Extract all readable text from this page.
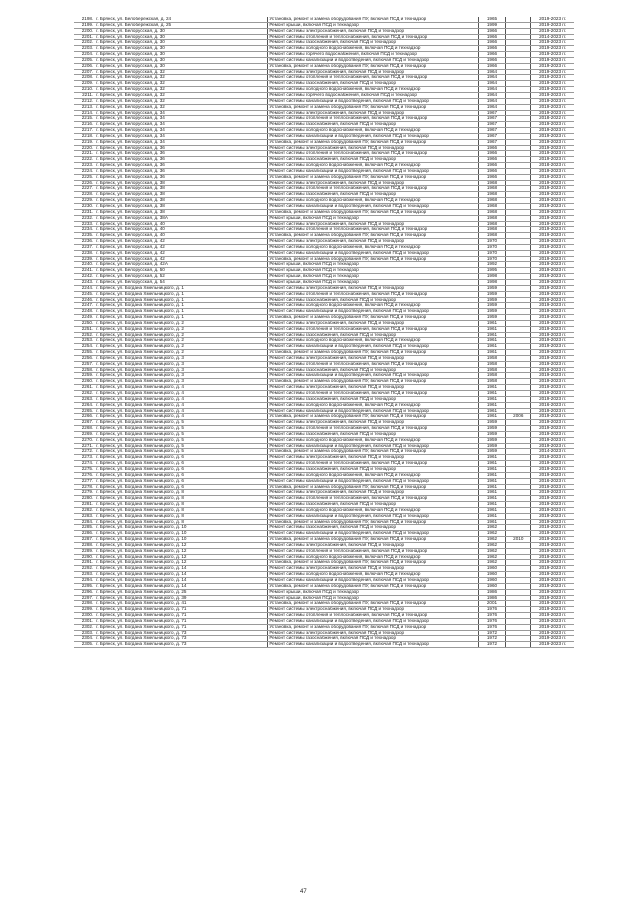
2198.	г. Брянск, ул. Белобережская, д. 24	Установка, ремонт и замена оборудования ПУ, включая ПСД и технадзор	1965		2019-2023 гг.
2199.	г. Брянск, ул. Белобережская, д. 25	Ремонт крыши, включая ПСД и технадзор	1999		2019-2023 гг.
2200.	г. Брянск, ул. Белорусская, д. 30	Ремонт системы электроснабжения, включая ПСД и технадзор	1966		2019-2023 гг.
2201.	г. Брянск, ул. Белорусская, д. 30	Ремонт системы отопления и теплоснабжения, включая ПСД и технадзор	1966		2014-2023 гг.
2202.	г. Брянск, ул. Белорусская, д. 30	Ремонт системы газоснабжения, включая ПСД и технадзор	1966		2019-2023 гг.
2203.	г. Брянск, ул. Белорусская, д. 30	Ремонт системы холодного водоснабжения, включая ПСД и технадзор	1966		2019-2023 гг.
2204.	г. Брянск, ул. Белорусская, д. 30	Ремонт системы горячего водоснабжения, включая ПСД и технадзор	1966		2019-2023 гг.
2205.	г. Брянск, ул. Белорусская, д. 30	Ремонт системы канализации и водоотведения, включая ПСД и технадзор	1966		2019-2023 гг.
2206.	г. Брянск, ул. Белорусская, д. 30	Установка, ремонт и замена оборудования ПУ, включая ПСД и технадзор	1966		2019-2023 гг.
2207.	г. Брянск, ул. Белорусская, д. 32	Ремонт системы электроснабжения, включая ПСД и технадзор	1964		2019-2023 гг.
2208.	г. Брянск, ул. Белорусская, д. 32	Ремонт системы отопления и теплоснабжения, включая ПСД и технадзор	1964		2019-2023 гг.
2209.	г. Брянск, ул. Белорусская, д. 32	Ремонт системы газоснабжения, включая ПСД и технадзор	1964		2019-2023 гг.
2210.	г. Брянск, ул. Белорусская, д. 32	Ремонт системы холодного водоснабжения, включая ПСД и технадзор	1964		2019-2023 гг.
2211.	г. Брянск, ул. Белорусская, д. 32	Ремонт системы горячего водоснабжения, включая ПСД и технадзор	1964		2019-2023 гг.
2212.	г. Брянск, ул. Белорусская, д. 32	Ремонт системы канализации и водоотведения, включая ПСД и технадзор	1964		2019-2023 гг.
2213.	г. Брянск, ул. Белорусская, д. 32	Установка, ремонт и замена оборудования ПУ, включая ПСД и технадзор	1964		2019-2023 гг.
2214.	г. Брянск, ул. Белорусская, д. 34	Ремонт системы электроснабжения, включая ПСД и технадзор	1967		2019-2023 гг.
2215.	г. Брянск, ул. Белорусская, д. 34	Ремонт системы отопления и теплоснабжения, включая ПСД и технадзор	1967		2018-2022 гг.
2216.	г. Брянск, ул. Белорусская, д. 34	Ремонт системы газоснабжения, включая ПСД и технадзор	1967		2019-2023 гг.
2217.	г. Брянск, ул. Белорусская, д. 34	Ремонт системы холодного водоснабжения, включая ПСД и технадзор	1967		2019-2023 гг.
2218.	г. Брянск, ул. Белорусская, д. 34	Ремонт системы канализации и водоотведения, включая ПСД и технадзор	1967		2019-2023 гг.
2219.	г. Брянск, ул. Белорусская, д. 34	Установка, ремонт и замена оборудования ПУ, включая ПСД и технадзор	1967		2019-2023 гг.
2220.	г. Брянск, ул. Белорусская, д. 36	Ремонт системы электроснабжения, включая ПСД и технадзор	1966		2019-2023 гг.
2221.	г. Брянск, ул. Белорусская, д. 36	Ремонт системы отопления и теплоснабжения, включая ПСД и технадзор	1966		2019-2023 гг.
2222.	г. Брянск, ул. Белорусская, д. 36	Ремонт системы газоснабжения, включая ПСД и технадзор	1966		2019-2023 гг.
2223.	г. Брянск, ул. Белорусская, д. 36	Ремонт системы холодного водоснабжения, включая ПСД и технадзор	1966		2018-2023 гг.
2224.	г. Брянск, ул. Белорусская, д. 36	Ремонт системы канализации и водоотведения, включая ПСД и технадзор	1966		2019-2023 гг.
2225.	г. Брянск, ул. Белорусская, д. 36	Установка, ремонт и замена оборудования ПУ, включая ПСД и технадзор	1966		2019-2023 гг.
2226.	г. Брянск, ул. Белорусская, д. 38	Ремонт системы электроснабжения, включая ПСД и технадзор	1968		2019-2023 гг.
2227.	г. Брянск, ул. Белорусская, д. 38	Ремонт системы отопления и теплоснабжения, включая ПСД и технадзор	1968		2019-2023 гг.
2228.	г. Брянск, ул. Белорусская, д. 38	Ремонт системы газоснабжения, включая ПСД и технадзор	1968		2019-2023 гг.
2229.	г. Брянск, ул. Белорусская, д. 38	Ремонт системы холодного водоснабжения, включая ПСД и технадзор	1968		2019-2023 гг.
2230.	г. Брянск, ул. Белорусская, д. 38	Ремонт системы канализации и водоотведения, включая ПСД и технадзор	1968		2019-2023 гг.
2231.	г. Брянск, ул. Белорусская, д. 38	Установка, ремонт и замена оборудования ПУ, включая ПСД и технадзор	1968		2019-2023 гг.
2232.	г. Брянск, ул. Белорусская, д. 38А	Ремонт крыши, включая ПСД и технадзор	1968		2019-2023 гг.
2233.	г. Брянск, ул. Белорусская, д. 40	Ремонт системы электроснабжения, включая ПСД и технадзор	1968		2019-2023 гг.
2234.	г. Брянск, ул. Белорусская, д. 40	Ремонт системы отопления и теплоснабжения, включая ПСД и технадзор	1968		2019-2023 гг.
2235.	г. Брянск, ул. Белорусская, д. 40	Установка, ремонт и замена оборудования ПУ, включая ПСД и технадзор	1968		2019-2023 гг.
2236.	г. Брянск, ул. Белорусская, д. 42	Ремонт системы электроснабжения, включая ПСД и технадзор	1970		2019-2023 гг.
2237.	г. Брянск, ул. Белорусская, д. 42	Ремонт системы холодного водоснабжения, включая ПСД и технадзор	1970		2019-2023 гг.
2238.	г. Брянск, ул. Белорусская, д. 42	Ремонт системы канализации и водоотведения, включая ПСД и технадзор	1970		2019-2023 гг.
2239.	г. Брянск, ул. Белорусская, д. 42	Установка, ремонт и замена оборудования ПУ, включая ПСД и технадзор	1970		2019-2023 гг.
2240.	г. Брянск, ул. Белорусская, д. 42А	Ремонт крыши, включая ПСД и технадзор	1992		2019-2023 гг.
2241.	г. Брянск, ул. Белорусская, д. 50	Ремонт крыши, включая ПСД и технадзор	1995		2019-2023 гг.
2242.	г. Брянск, ул. Белорусская, д. 52	Ремонт крыши, включая ПСД и технадзор	1998		2019-2023 гг.
2243.	г. Брянск, ул. Белорусская, д. 54	Ремонт крыши, включая ПСД и технадзор	1998		2019-2023 гг.
2244.	г. Брянск, ул. Богдана Хмельницкого, д. 1	Ремонт системы электроснабжения, включая ПСД и технадзор	1959		2019-2023 гг.
2245.	г. Брянск, ул. Богдана Хмельницкого, д. 1	Ремонт системы отопления и теплоснабжения, включая ПСД и технадзор	1959		2019-2023 гг.
2246.	г. Брянск, ул. Богдана Хмельницкого, д. 1	Ремонт системы газоснабжения, включая ПСД и технадзор	1959		2019-2023 гг.
2247.	г. Брянск, ул. Богдана Хмельницкого, д. 1	Ремонт системы холодного водоснабжения, включая ПСД и технадзор	1959		2019-2023 гг.
2248.	г. Брянск, ул. Богдана Хмельницкого, д. 1	Ремонт системы канализации и водоотведения, включая ПСД и технадзор	1959		2019-2023 гг.
2249.	г. Брянск, ул. Богдана Хмельницкого, д. 1	Установка, ремонт и замена оборудования ПУ, включая ПСД и технадзор	1959		2019-2023 гг.
2250.	г. Брянск, ул. Богдана Хмельницкого, д. 2	Ремонт системы электроснабжения, включая ПСД и технадзор	1961		2019-2023 гг.
2251.	г. Брянск, ул. Богдана Хмельницкого, д. 2	Ремонт системы отопления и теплоснабжения, включая ПСД и технадзор	1961		2019-2023 гг.
2252.	г. Брянск, ул. Богдана Хмельницкого, д. 2	Ремонт системы газоснабжения, включая ПСД и технадзор	1961		2019-2023 гг.
2253.	г. Брянск, ул. Богдана Хмельницкого, д. 2	Ремонт системы холодного водоснабжения, включая ПСД и технадзор	1961		2019-2023 гг.
2254.	г. Брянск, ул. Богдана Хмельницкого, д. 2	Ремонт системы канализации и водоотведения, включая ПСД и технадзор	1961		2019-2023 гг.
2255.	г. Брянск, ул. Богдана Хмельницкого, д. 2	Установка, ремонт и замена оборудования ПУ, включая ПСД и технадзор	1961		2019-2023 гг.
2256.	г. Брянск, ул. Богдана Хмельницкого, д. 3	Ремонт системы электроснабжения, включая ПСД и технадзор	1958		2019-2023 гг.
2257.	г. Брянск, ул. Богдана Хмельницкого, д. 3	Ремонт системы отопления и теплоснабжения, включая ПСД и технадзор	1958		2019-2023 гг.
2258.	г. Брянск, ул. Богдана Хмельницкого, д. 3	Ремонт системы газоснабжения, включая ПСД и технадзор	1958		2019-2023 гг.
2259.	г. Брянск, ул. Богдана Хмельницкого, д. 3	Ремонт системы канализации и водоотведения, включая ПСД и технадзор	1958		2019-2023 гг.
2260.	г. Брянск, ул. Богдана Хмельницкого, д. 3	Установка, ремонт и замена оборудования ПУ, включая ПСД и технадзор	1958		2019-2023 гг.
2261.	г. Брянск, ул. Богдана Хмельницкого, д. 4	Ремонт системы электроснабжения, включая ПСД и технадзор	1961		2019-2023 гг.
2262.	г. Брянск, ул. Богдана Хмельницкого, д. 4	Ремонт системы отопления и теплоснабжения, включая ПСД и технадзор	1961		2019-2023 гг.
2263.	г. Брянск, ул. Богдана Хмельницкого, д. 4	Ремонт системы газоснабжения, включая ПСД и технадзор	1961		2019-2023 гг.
2264.	г. Брянск, ул. Богдана Хмельницкого, д. 4	Ремонт системы холодного водоснабжения, включая ПСД и технадзор	1961		2016-2023 гг.
2265.	г. Брянск, ул. Богдана Хмельницкого, д. 4	Ремонт системы канализации и водоотведения, включая ПСД и технадзор	1961		2019-2023 гг.
2266.	г. Брянск, ул. Богдана Хмельницкого, д. 4	Установка, ремонт и замена оборудования ПУ, включая ПСД и технадзор	1961	2006	2019-2023 гг.
2267.	г. Брянск, ул. Богдана Хмельницкого, д. 5	Ремонт системы электроснабжения, включая ПСД и технадзор	1959		2019-2023 гг.
2268.	г. Брянск, ул. Богдана Хмельницкого, д. 5	Ремонт системы отопления и теплоснабжения, включая ПСД и технадзор	1959		2019-2023 гг.
2269.	г. Брянск, ул. Богдана Хмельницкого, д. 5	Ремонт системы газоснабжения, включая ПСД и технадзор	1959		2019-2023 гг.
2270.	г. Брянск, ул. Богдана Хмельницкого, д. 5	Ремонт системы холодного водоснабжения, включая ПСД и технадзор	1959		2019-2023 гг.
2271.	г. Брянск, ул. Богдана Хмельницкого, д. 5	Ремонт системы канализации и водоотведения, включая ПСД и технадзор	1959		2019-2023 гг.
2272.	г. Брянск, ул. Богдана Хмельницкого, д. 5	Установка, ремонт и замена оборудования ПУ, включая ПСД и технадзор	1959		2014-2023 гг.
2273.	г. Брянск, ул. Богдана Хмельницкого, д. 6	Ремонт системы электроснабжения, включая ПСД и технадзор	1961		2019-2023 гг.
2274.	г. Брянск, ул. Богдана Хмельницкого, д. 6	Ремонт системы отопления и теплоснабжения, включая ПСД и технадзор	1961		2019-2023 гг.
2275.	г. Брянск, ул. Богдана Хмельницкого, д. 6	Ремонт системы газоснабжения, включая ПСД и технадзор	1961		2019-2023 гг.
2276.	г. Брянск, ул. Богдана Хмельницкого, д. 6	Ремонт системы холодного водоснабжения, включая ПСД и технадзор	1961		2019-2023 гг.
2277.	г. Брянск, ул. Богдана Хмельницкого, д. 6	Ремонт системы канализации и водоотведения, включая ПСД и технадзор	1961		2016-2023 гг.
2278.	г. Брянск, ул. Богдана Хмельницкого, д. 6	Установка, ремонт и замена оборудования ПУ, включая ПСД и технадзор	1961		2019-2023 гг.
2279.	г. Брянск, ул. Богдана Хмельницкого, д. 8	Ремонт системы электроснабжения, включая ПСД и технадзор	1961		2019-2023 гг.
2280.	г. Брянск, ул. Богдана Хмельницкого, д. 8	Ремонт системы отопления и теплоснабжения, включая ПСД и технадзор	1961		2019-2023 гг.
2281.	г. Брянск, ул. Богдана Хмельницкого, д. 8	Ремонт системы газоснабжения, включая ПСД и технадзор	1961		2019-2023 гг.
2282.	г. Брянск, ул. Богдана Хмельницкого, д. 8	Ремонт системы холодного водоснабжения, включая ПСД и технадзор	1961		2019-2023 гг.
2283.	г. Брянск, ул. Богдана Хмельницкого, д. 8	Ремонт системы канализации и водоотведения, включая ПСД и технадзор	1961		2019-2023 гг.
2284.	г. Брянск, ул. Богдана Хмельницкого, д. 8	Установка, ремонт и замена оборудования ПУ, включая ПСД и технадзор	1961		2019-2023 гг.
2285.	г. Брянск, ул. Богдана Хмельницкого, д. 10	Ремонт системы газоснабжения, включая ПСД и технадзор	1962		2019-2023 гг.
2286.	г. Брянск, ул. Богдана Хмельницкого, д. 10	Ремонт системы канализации и водоотведения, включая ПСД и технадзор	1962		2019-2023 гг.
2287.	г. Брянск, ул. Богдана Хмельницкого, д. 10	Установка, ремонт и замена оборудования ПУ, включая ПСД и технадзор	1962	2010	2019-2023 гг.
2288.	г. Брянск, ул. Богдана Хмельницкого, д. 12	Ремонт системы электроснабжения, включая ПСД и технадзор	1962		2019-2023 гг.
2289.	г. Брянск, ул. Богдана Хмельницкого, д. 12	Ремонт системы отопления и теплоснабжения, включая ПСД и технадзор	1962		2019-2023 гг.
2290.	г. Брянск, ул. Богдана Хмельницкого, д. 12	Ремонт системы холодного водоснабжения, включая ПСД и технадзор	1962		2019-2023 гг.
2291.	г. Брянск, ул. Богдана Хмельницкого, д. 12	Установка, ремонт и замена оборудования ПУ, включая ПСД и технадзор	1962		2019-2023 гг.
2292.	г. Брянск, ул. Богдана Хмельницкого, д. 14	Ремонт системы электроснабжения, включая ПСД и технадзор	1960		2019-2023 гг.
2293.	г. Брянск, ул. Богдана Хмельницкого, д. 14	Ремонт системы холодного водоснабжения, включая ПСД и технадзор	1960		2019-2023 гг.
2294.	г. Брянск, ул. Богдана Хмельницкого, д. 14	Ремонт системы канализации и водоотведения, включая ПСД и технадзор	1960		2019-2023 гг.
2295.	г. Брянск, ул. Богдана Хмельницкого, д. 14	Установка, ремонт и замена оборудования ПУ, включая ПСД и технадзор	1960		2019-2023 гг.
2296.	г. Брянск, ул. Богдана Хмельницкого, д. 25	Ремонт крыши, включая ПСД и технадзор	1986		2019-2023 гг.
2297.	г. Брянск, ул. Богдана Хмельницкого, д. 39	Ремонт крыши, включая ПСД и технадзор	1986		2019-2023 гг.
2298.	г. Брянск, ул. Богдана Хмельницкого, д. 41	Установка, ремонт и замена оборудования ПУ, включая ПСД и технадзор	2001		2019-2023 гг.
2299.	г. Брянск, ул. Богдана Хмельницкого, д. 71	Ремонт системы электроснабжения, включая ПСД и технадзор	1976		2019-2023 гг.
2300.	г. Брянск, ул. Богдана Хмельницкого, д. 71	Ремонт системы отопления и теплоснабжения, включая ПСД и технадзор	1976		2019-2023 гг.
2301.	г. Брянск, ул. Богдана Хмельницкого, д. 71	Ремонт системы канализации и водоотведения, включая ПСД и технадзор	1976		2019-2023 гг.
2302.	г. Брянск, ул. Богдана Хмельницкого, д. 71	Установка, ремонт и замена оборудования ПУ, включая ПСД и технадзор	1976		2019-2023 гг.
2303.	г. Брянск, ул. Богдана Хмельницкого, д. 73	Ремонт системы электроснабжения, включая ПСД и технадзор	1972		2019-2023 гг.
2304.	г. Брянск, ул. Богдана Хмельницкого, д. 73	Ремонт системы газоснабжения, включая ПСД и технадзор	1972		2019-2023 гг.
2305.	г. Брянск, ул. Богдана Хмельницкого, д. 73	Ремонт системы канализации и водоотведения, включая ПСД и технадзор	1972		2019-2023 гг.
47
